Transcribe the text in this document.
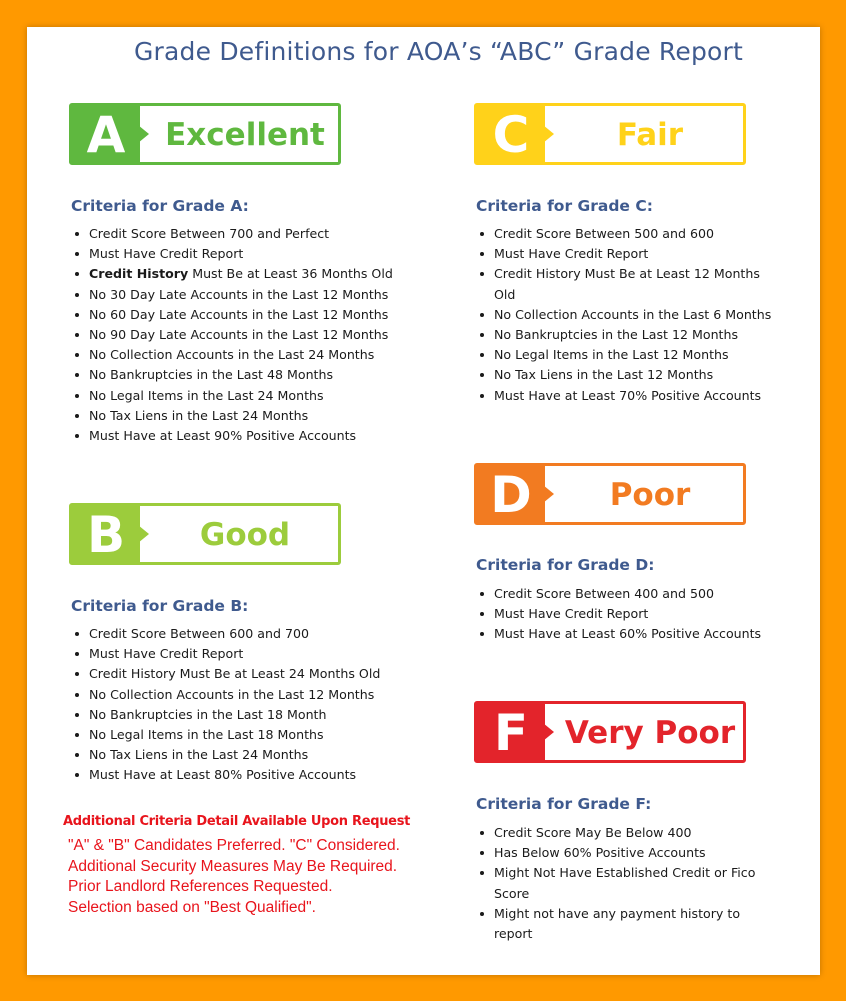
Grade Definitions for AOA’s “ABC” Grade Report
A	Excellent
Criteria for Grade A:
Credit Score Between 700 and Perfect
Must Have Credit Report
Credit History Must Be at Least 36 Months Old
No 30 Day Late Accounts in the Last 12 Months
No 60 Day Late Accounts in the Last 12 Months
No 90 Day Late Accounts in the Last 12 Months
No Collection Accounts in the Last 24 Months
No Bankruptcies in the Last 48 Months
No Legal Items in the Last 24 Months
No Tax Liens in the Last 24 Months
Must Have at Least 90% Positive Accounts
B	Good
Criteria for Grade B:
Credit Score Between 600 and 700
Must Have Credit Report
Credit History Must Be at Least 24 Months Old
No Collection Accounts in the Last 12 Months
No Bankruptcies in the Last 18 Month
No Legal Items in the Last 18 Months
No Tax Liens in the Last 24 Months
Must Have at Least 80% Positive Accounts
Additional Criteria Detail Available Upon Request
"A" & "B" Candidates Preferred. "C" Considered.
Additional Security Measures May Be Required.
Prior Landlord References Requested.
Selection based on "Best Qualified".
C	Fair
Criteria for Grade C:
Credit Score Between 500 and 600
Must Have Credit Report
Credit History Must Be at Least 12 Months Old
No Collection Accounts in the Last 6 Months
No Bankruptcies in the Last 12 Months
No Legal Items in the Last 12 Months
No Tax Liens in the Last 12 Months
Must Have at Least 70% Positive Accounts
D	Poor
Criteria for Grade D:
Credit Score Between 400 and 500
Must Have Credit Report
Must Have at Least 60% Positive Accounts
F	Very Poor
Criteria for Grade F:
Credit Score May Be Below 400
Has Below 60% Positive Accounts
Might Not Have Established Credit or Fico Score
Might not have any payment history to report
